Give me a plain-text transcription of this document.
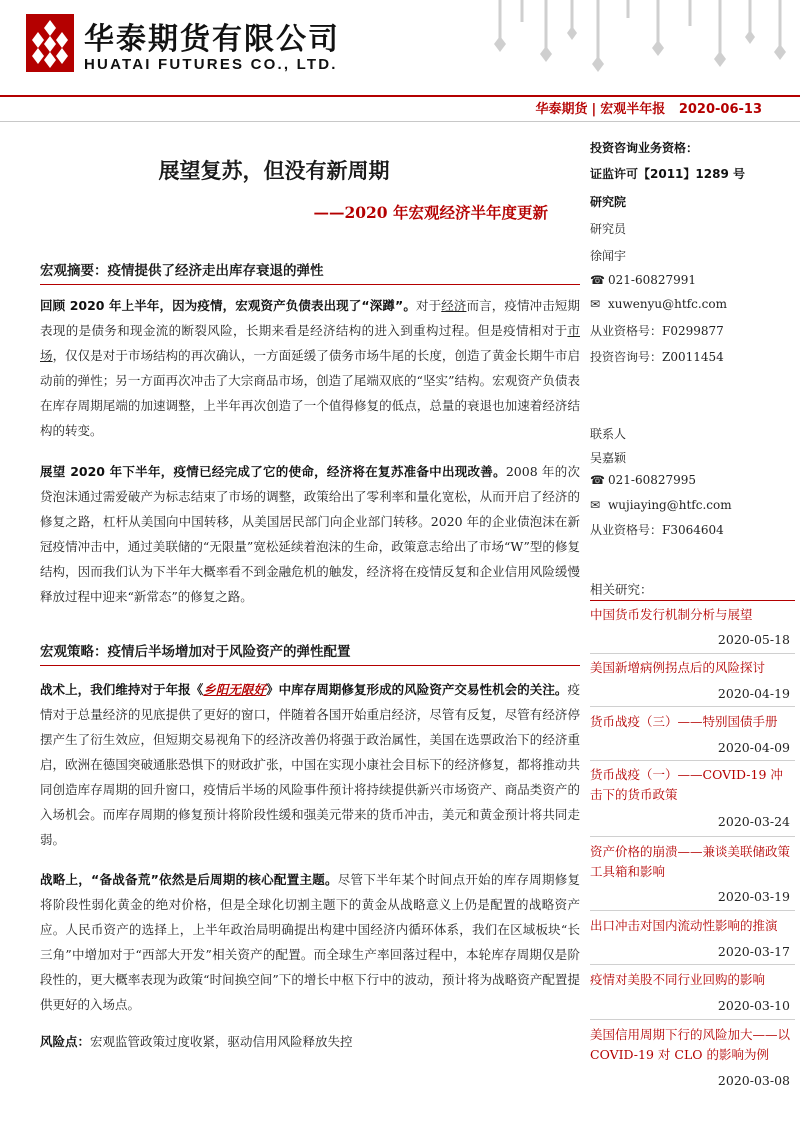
华泰期货有限公司
HUATAI FUTURES CO., LTD.
华泰期货 | 宏观半年报 2020-06-13
展望复苏，但没有新周期
——2020 年宏观经济半年度更新
宏观摘要：疫情提供了经济走出库存衰退的弹性
回顾 2020 年上半年，因为疫情，宏观资产负债表出现了“深蹲”。对于经济而言，疫情冲击短期表现的是债务和现金流的断裂风险，长期来看是经济结构的进入到重构过程。但是疫情相对于市场，仅仅是对于市场结构的再次确认，一方面延缓了债务市场牛尾的长度，创造了黄金长期牛市启动前的弹性；另一方面再次冲击了大宗商品市场，创造了尾端双底的“坚实”结构。宏观资产负债表在库存周期尾端的加速调整，上半年再次创造了一个值得修复的低点，总量的衰退也加速着经济结构的转变。
展望 2020 年下半年，疫情已经完成了它的使命，经济将在复苏准备中出现改善。2008 年的次贷泡沫通过需爱破产为标志结束了市场的调整，政策给出了零利率和量化宽松，从而开启了经济的修复之路，杠杆从美国向中国转移，从美国居民部门向企业部门转移。2020 年的企业债泡沫在新冠疫情冲击中，通过美联储的“无限量”宽松延续着泡沫的生命，政策意志给出了市场“W”型的修复结构，因而我们认为下半年大概率看不到金融危机的触发，经济将在疫情反复和企业信用风险缓慢释放过程中迎来“新常态”的修复之路。
宏观策略：疫情后半场增加对于风险资产的弹性配置
战术上，我们维持对于年报《乡阳无限好》中库存周期修复形成的风险资产交易性机会的关注。疫情对于总量经济的见底提供了更好的窗口，伴随着各国开始重启经济，尽管有反复，尽管有经济停摆产生了衍生效应，但短期交易视角下的经济改善仍将强于政治属性，美国在选票政治下的经济重启，欧洲在德国突破通胀恐惧下的财政扩张，中国在实现小康社会目标下的经济修复，都将推动共同创造库存周期的回升窗口，疫情后半场的风险事件预计将持续提供新兴市场资产、商品类资产的入场机会。而库存周期的修复预计将阶段性缓和强美元带来的货币冲击，美元和黄金预计将共同走弱。
战略上，“备战备荒”依然是后周期的核心配置主题。尽管下半年某个时间点开始的库存周期修复将阶段性弱化黄金的绝对价格，但是全球化切割主题下的黄金从战略意义上仍是配置的战略资产应。人民币资产的选择上，上半年政治局明确提出构建中国经济内循环体系，我们在区域板块“长三角”中增加对于“西部大开发”相关资产的配置。而全球生产率回落过程中，本轮库存周期仅是阶段性的，更大概率表现为政策“时间换空间”下的增长中枢下行中的波动，预计将为战略资产配置提供更好的入场点。
风险点：宏观监管政策过度收紧，驱动信用风险释放失控
投资咨询业务资格：
证监许可【2011】1289 号
研究院
研究员
徐闻宇
☎ 021-60827991
✉ xuwenyu@htfc.com
从业资格号：F0299877
投资咨询号：Z0011454
联系人
吴嘉颖
☎ 021-60827995
✉ wujiaying@htfc.com
从业资格号：F3064604
相关研究：
中国货币发行机制分析与展望
2020-05-18
美国新增病例拐点后的风险探讨
2020-04-19
货币战疫（三）——特别国债手册
2020-04-09
货币战疫（一）——COVID-19 冲击下的货币政策
2020-03-24
资产价格的崩溃——兼谈美联储政策工具箱和影响
2020-03-19
出口冲击对国内流动性影响的推演
2020-03-17
疫情对美股不同行业回购的影响
2020-03-10
美国信用周期下行的风险加大——以 COVID-19 对 CLO 的影响为例
2020-03-08
